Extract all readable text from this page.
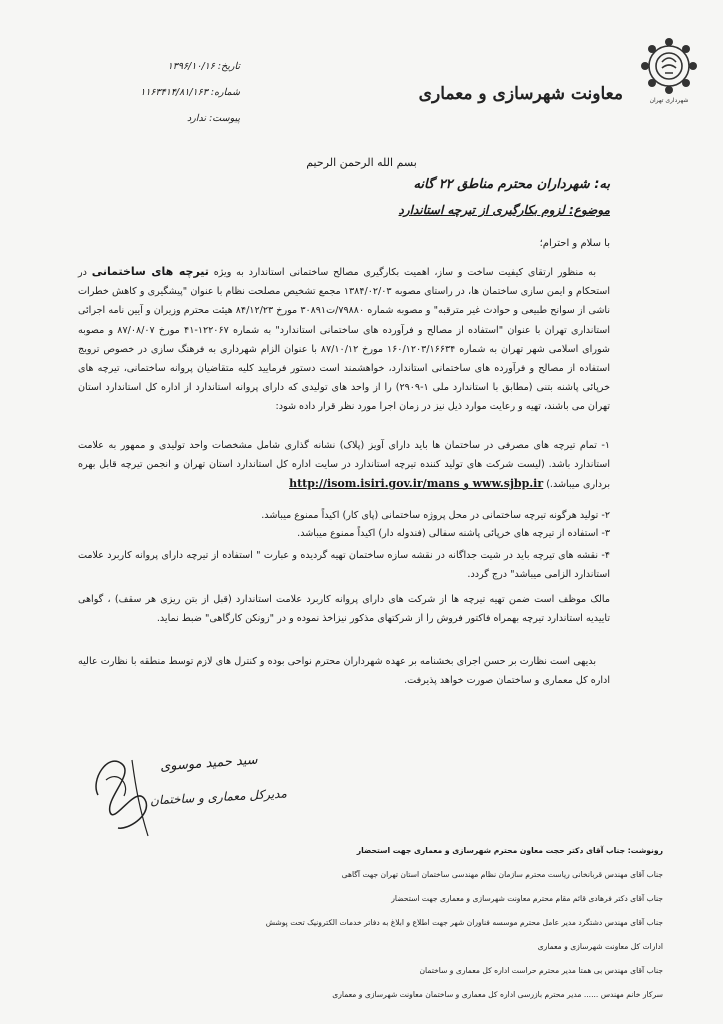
شهرداری تهران
معاونت شهرسازی و معماری
تاریخ: ۱۳۹۶/۱۰/۱۶
شماره: ۱۱۶۳۴۱۴/۸۱/۱۶۳
پیوست: ندارد
بسم الله الرحمن الرحیم
به: شهرداران محترم مناطق ۲۲ گانه
موضوع: لزوم بکارگیری از تیرچه استاندارد
با سلام و احترام؛
به منظور ارتقای کیفیت ساخت و ساز، اهمیت بکارگیری مصالح ساختمانی استاندارد به ویژه تیرچه های ساختمانی در استحکام و ایمن سازی ساختمان ها، در راستای مصوبه ۱۳۸۴/۰۲/۰۳ مجمع تشخیص مصلحت نظام با عنوان "پیشگیری و کاهش خطرات ناشی از سوانح طبیعی و حوادث غیر مترقبه" و مصوبه شماره ۷۹۸۸۰/ت۳۰۸۹۱ مورخ ۸۴/۱۲/۲۳ هیئت محترم وزیران و آیین نامه اجرائی استانداری تهران با عنوان "استفاده از مصالح و فرآورده های ساختمانی استاندارد" به شماره ۱۲۲۰۶۷-۴۱ مورخ ۸۷/۰۸/۰۷ و مصوبه شورای اسلامی شهر تهران به شماره ۱۶۰/۱۲۰۳/۱۶۶۳۴ مورخ ۸۷/۱۰/۱۲ با عنوان الزام شهرداری به فرهنگ سازی در خصوص ترویج استفاده از مصالح و فرآورده های ساختمانی استاندارد، خواهشمند است دستور فرمایید کلیه متقاضیان پروانه ساختمانی، تیرچه های خرپائی پاشنه بتنی (مطابق با استاندارد ملی ۱-۲۹۰۹) را از واحد های تولیدی که دارای پروانه استاندارد از اداره کل استاندارد استان تهران می باشند، تهیه و رعایت موارد ذیل نیز در زمان اجرا مورد نظر قرار داده شود:
۱- تمام تیرچه های مصرفی در ساختمان ها باید دارای آویز (پلاک) نشانه گذاری شامل مشخصات واحد تولیدی و ممهور به علامت استاندارد باشد. (لیست شرکت های تولید کننده تیرچه استاندارد در سایت اداره کل استاندارد استان تهران و انجمن تیرچه قابل بهره برداری میباشد.) http://isom.isiri.gov.ir/mans و www.sjbp.ir
۲- تولید هرگونه تیرچه ساختمانی در محل پروژه ساختمانی (پای کار) اکیداً ممنوع میباشد.
۳- استفاده از تیرچه های خرپائی پاشنه سفالی (فندوله دار) اکیداً ممنوع میباشد.
۴- نقشه های تیرچه باید در شیت جداگانه در نقشه سازه ساختمان تهیه گردیده و عبارت " استفاده از تیرچه دارای پروانه کاربرد علامت استاندارد الزامی میباشد" درج گردد.
مالک موظف است ضمن تهیه تیرچه ها از شرکت های دارای پروانه کاربرد علامت استاندارد (قبل از بتن ریزی هر سقف) ، گواهی تاییدیه استاندارد تیرچه بهمراه فاکتور فروش را از شرکتهای مذکور نیزاخذ نموده و در "زونکن کارگاهی" ضبط نماید.
بدیهی است نظارت بر حسن اجرای بخشنامه بر عهده شهرداران محترم نواحی بوده و کنترل های لازم توسط منطقه با نظارت عالیه اداره کل معماری و ساختمان صورت خواهد پذیرفت.
سید حمید موسوی
مدیرکل معماری و ساختمان
رونوشت: جناب آقای دکتر حجت معاون محترم شهرسازی و معماری جهت استحضار
جناب آقای مهندس قربانخانی ریاست محترم سازمان نظام مهندسی ساختمان استان تهران جهت آگاهی
جناب آقای دکتر فرهادی قائم مقام محترم معاونت شهرسازی و معماری جهت استحضار
جناب آقای مهندس دشتگرد مدیر عامل محترم موسسه فناوران شهر جهت اطلاع و ابلاغ به دفاتر خدمات الکترونیک تحت پوشش
ادارات کل معاونت شهرسازی و معماری
جناب آقای مهندس بی همتا مدیر محترم حراست اداره کل معماری و ساختمان
سرکار خانم مهندس ...... مدیر محترم بازرسی اداره کل معماری و ساختمان معاونت شهرسازی و معماری
